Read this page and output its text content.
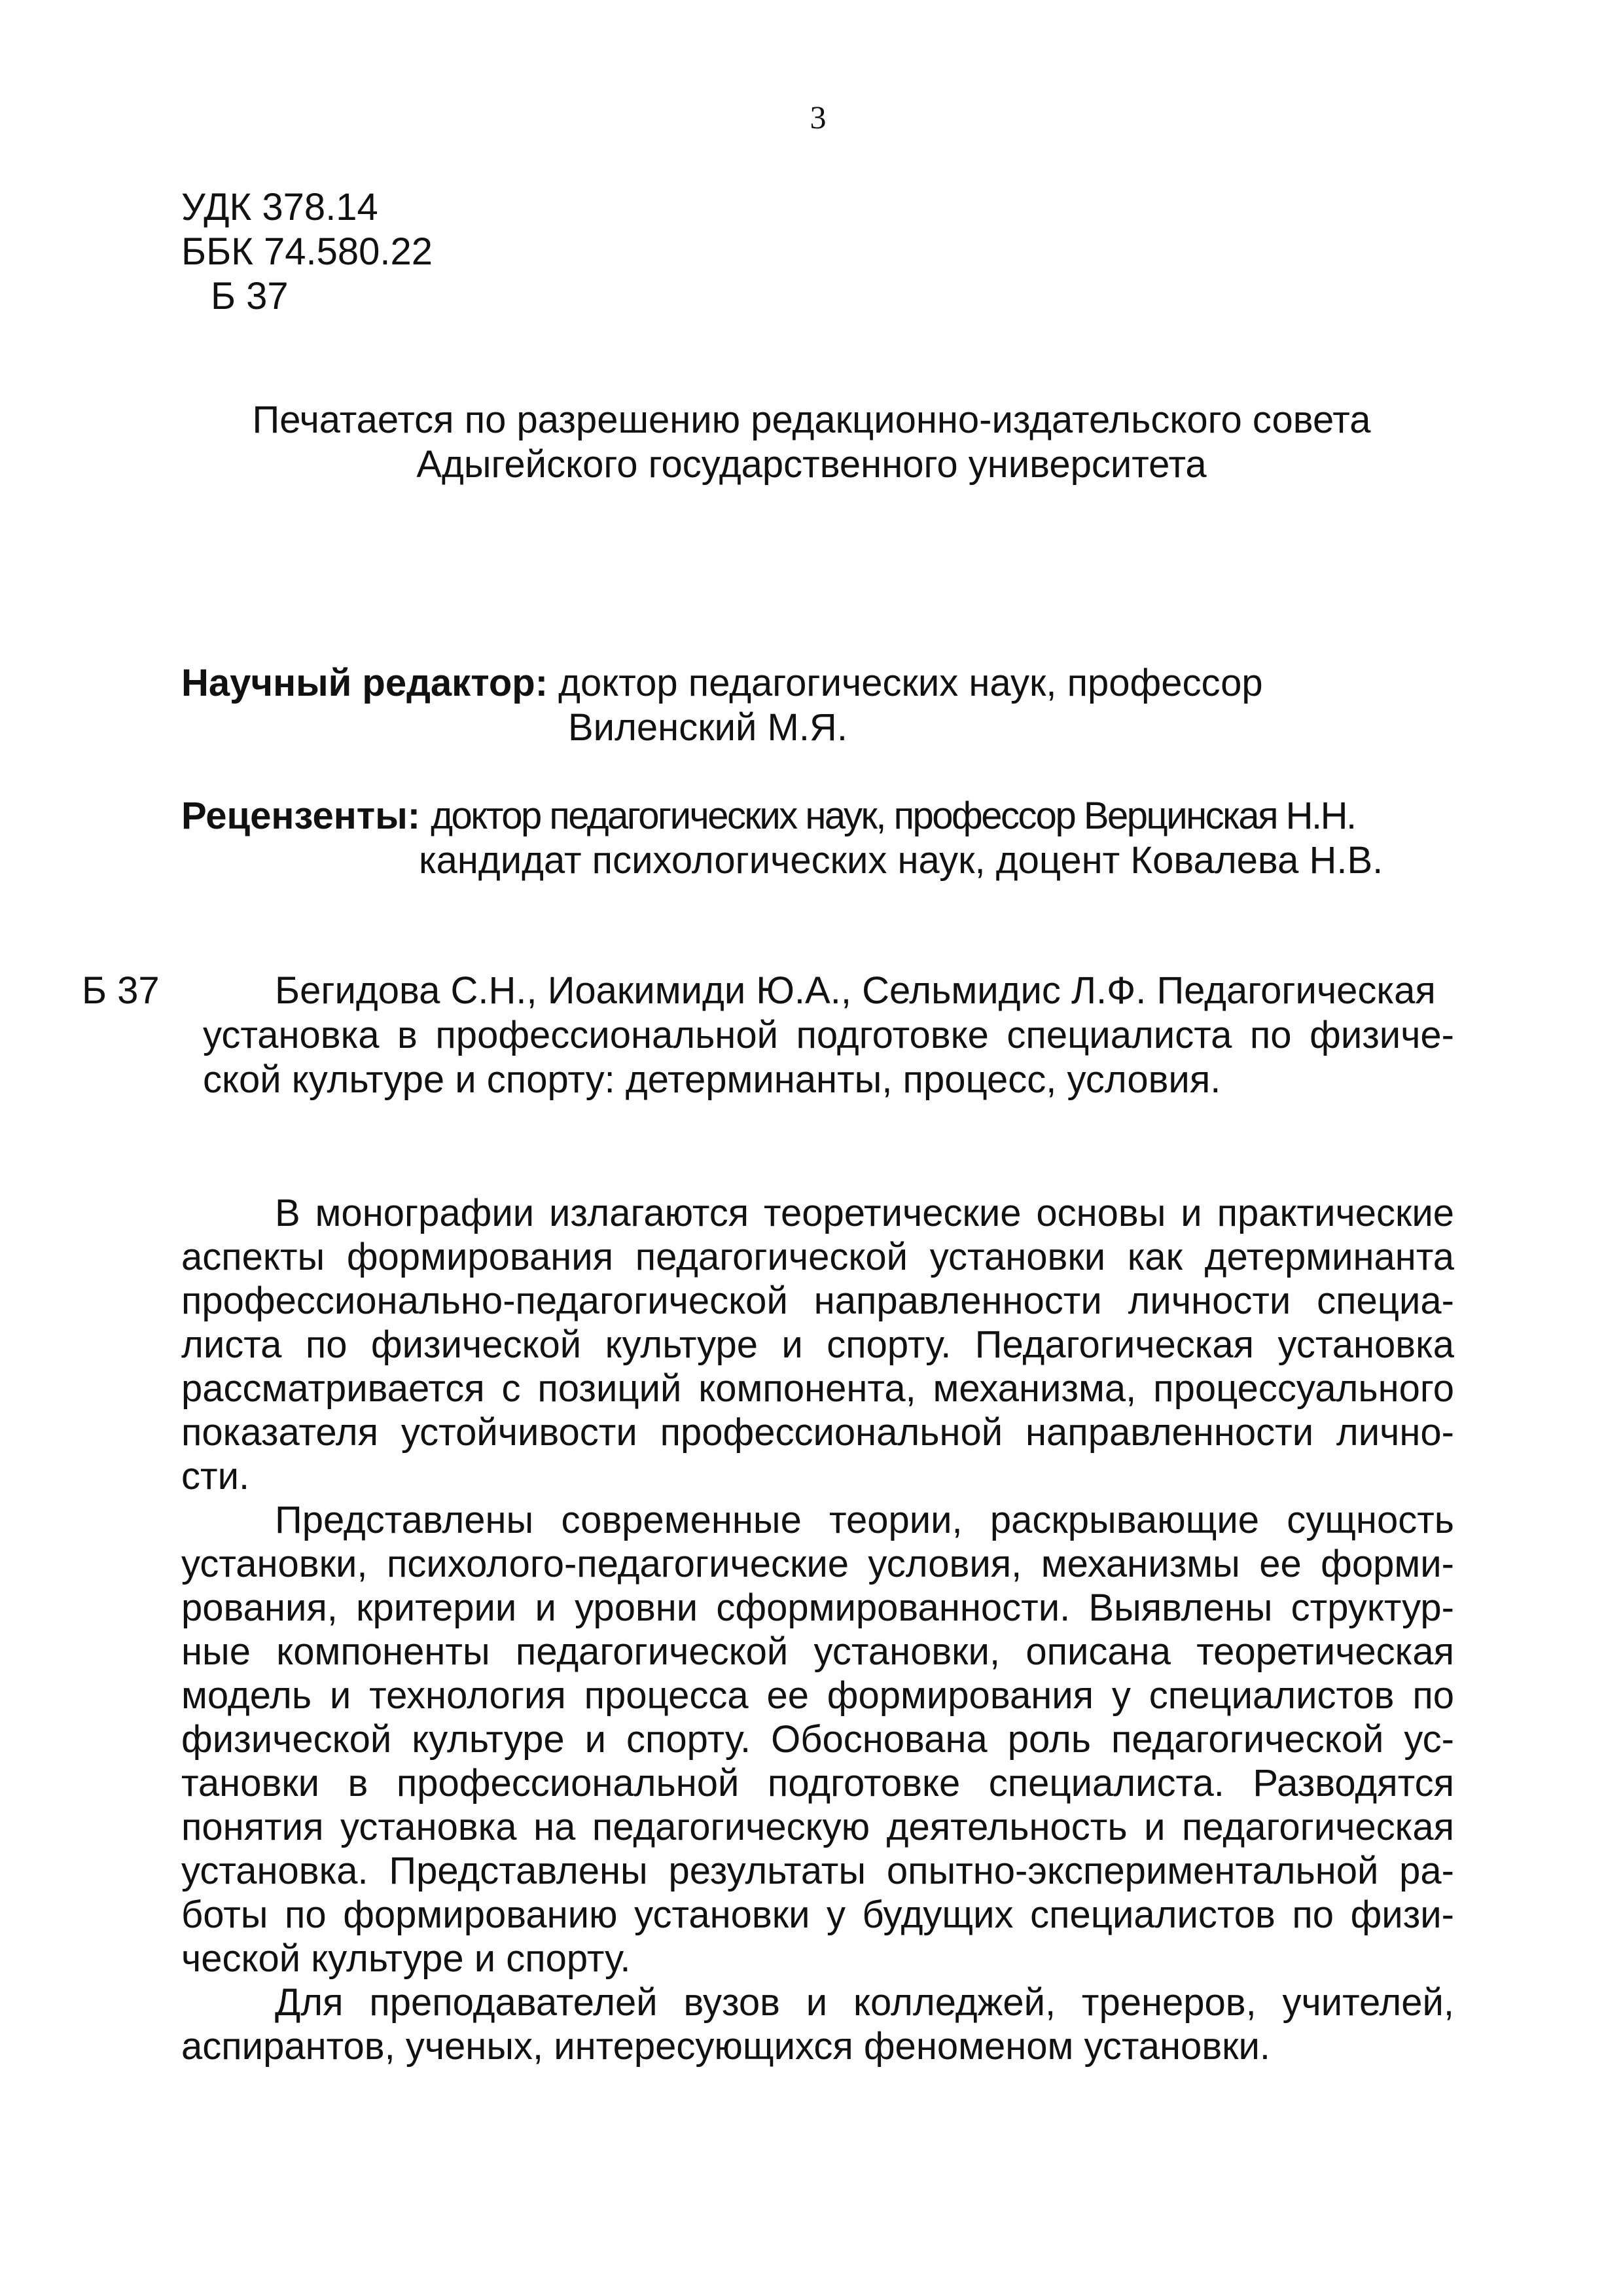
3
УДК 378.14
ББК 74.580.22
Б 37
Печатается по разрешению редакционно-издательского совета
Адыгейского государственного университета
Научный редактор: доктор педагогических наук, профессор
Виленский М.Я.
Рецензенты: доктор педагогических наук, профессор Верцинская Н.Н.
кандидат психологических наук, доцент Ковалева Н.В.
Б 37	Бегидова С.Н., Иоакимиди Ю.А., Сельмидис Л.Ф. Педагогическая
установка в профессиональной подготовке специалиста по физиче-
ской культуре и спорту: детерминанты, процесс, условия.
В монографии излагаются теоретические основы и практические
аспекты формирования педагогической установки как детерминанта
профессионально-педагогической направленности личности специа-
листа по физической культуре и спорту. Педагогическая установка
рассматривается с позиций компонента, механизма, процессуального
показателя устойчивости профессиональной направленности лично-
сти.
Представлены современные теории, раскрывающие сущность
установки, психолого-педагогические условия, механизмы ее форми-
рования, критерии и уровни сформированности. Выявлены структур-
ные компоненты педагогической установки, описана теоретическая
модель и технология процесса ее формирования у специалистов по
физической культуре и спорту. Обоснована роль педагогической ус-
тановки в профессиональной подготовке специалиста. Разводятся
понятия установка на педагогическую деятельность и педагогическая
установка. Представлены результаты опытно-экспериментальной ра-
боты по формированию установки у будущих специалистов по физи-
ческой культуре и спорту.
Для преподавателей вузов и колледжей, тренеров, учителей,
аспирантов, ученых, интересующихся феноменом установки.
